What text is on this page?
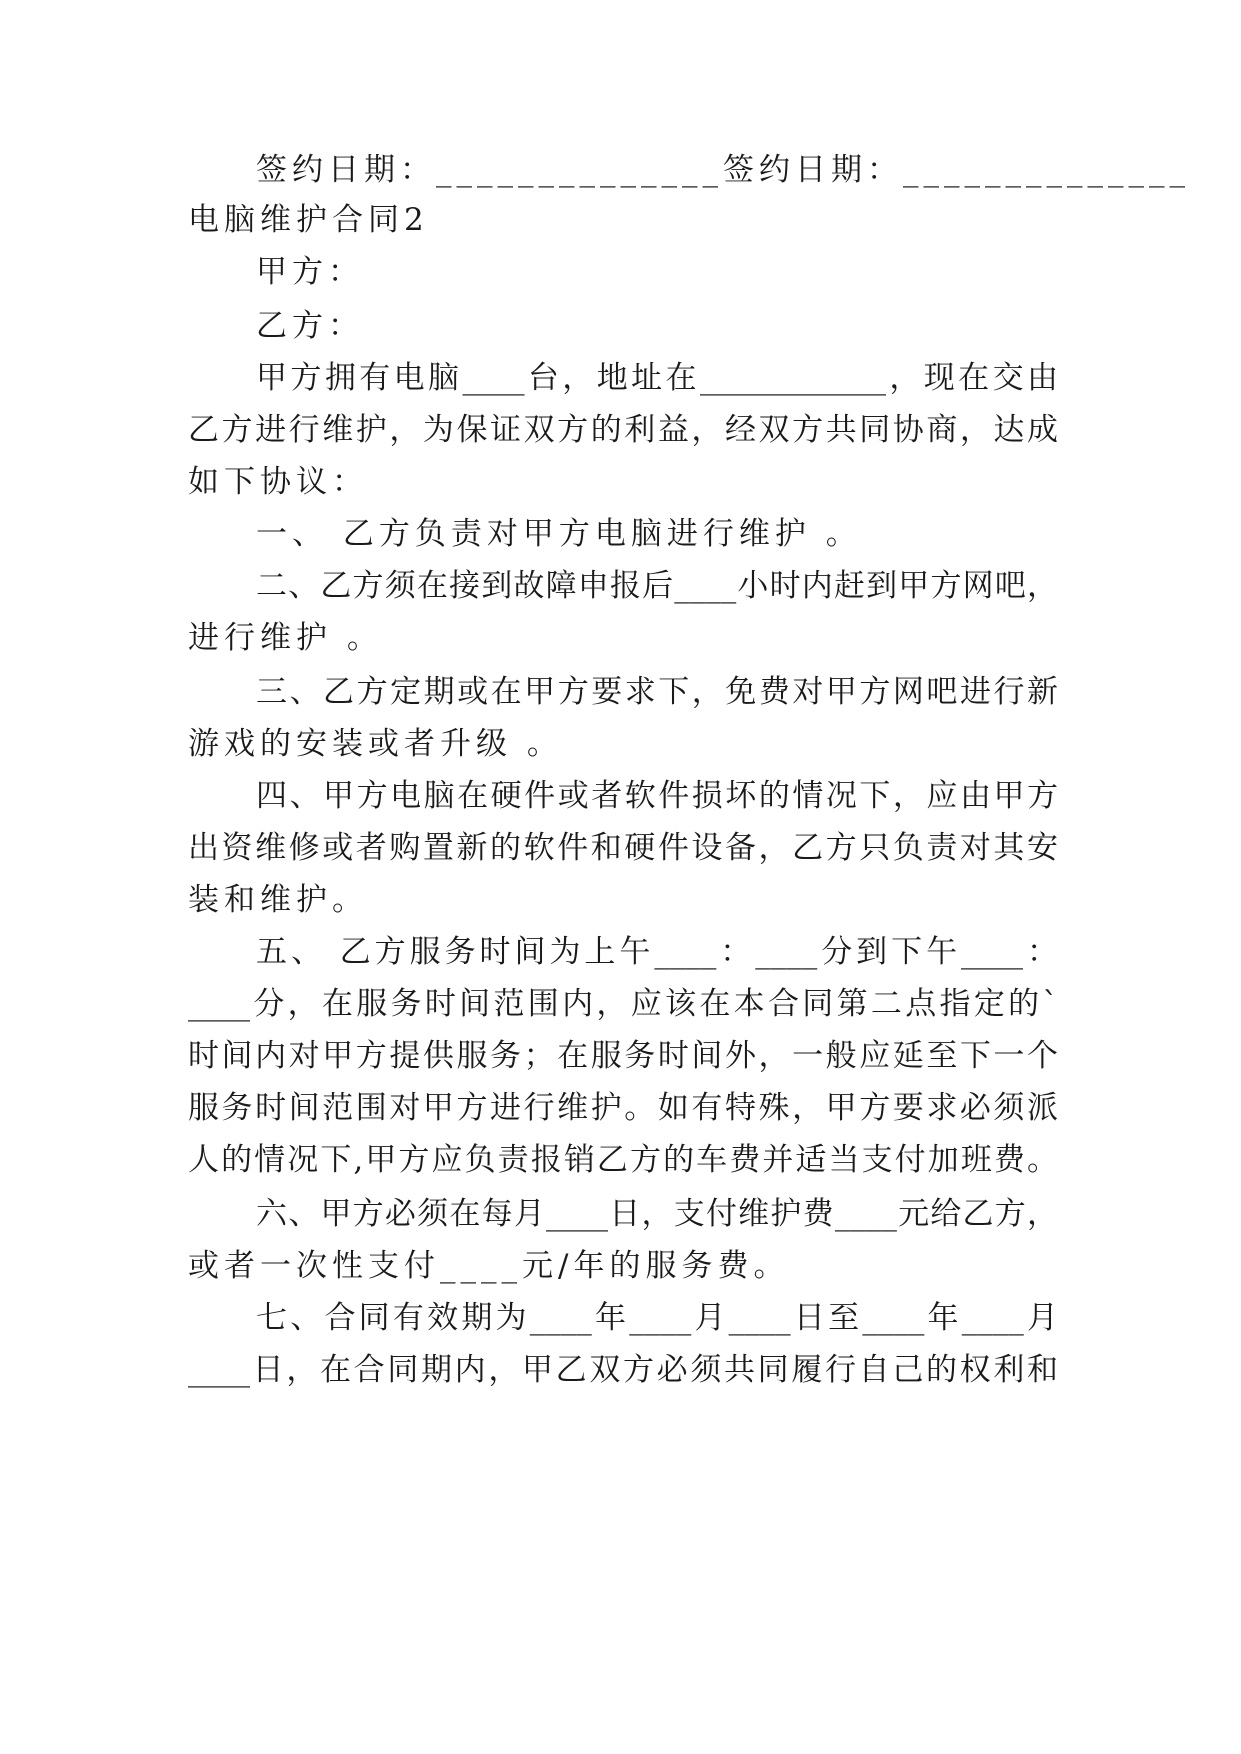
签约日期：______________签约日期：______________

电脑维护合同2

甲方：

乙方：

甲方拥有电脑____台，地址在____________，现在交由

乙方进行维护，为保证双方的利益，经双方共同协商，达成

如下协议：

一、 乙方负责对甲方电脑进行维护 。

二、乙方须在接到故障申报后____小时内赶到甲方网吧，

进行维护 。

三、乙方定期或在甲方要求下，免费对甲方网吧进行新

游戏的安装或者升级 。

四、甲方电脑在硬件或者软件损坏的情况下，应由甲方

出资维修或者购置新的软件和硬件设备，乙方只负责对其安

装和维护。

五、 乙方服务时间为上午____：____分到下午____：

____分，在服务时间范围内，应该在本合同第二点指定的`

时间内对甲方提供服务；在服务时间外，一般应延至下一个

服务时间范围对甲方进行维护。如有特殊，甲方要求必须派

人的情况下,甲方应负责报销乙方的车费并适当支付加班费。

六、甲方必须在每月____日，支付维护费____元给乙方，

或者一次性支付____元/年的服务费。

七、合同有效期为____年____月____日至____年____月

____日，在合同期内，甲乙双方必须共同履行自己的权利和
